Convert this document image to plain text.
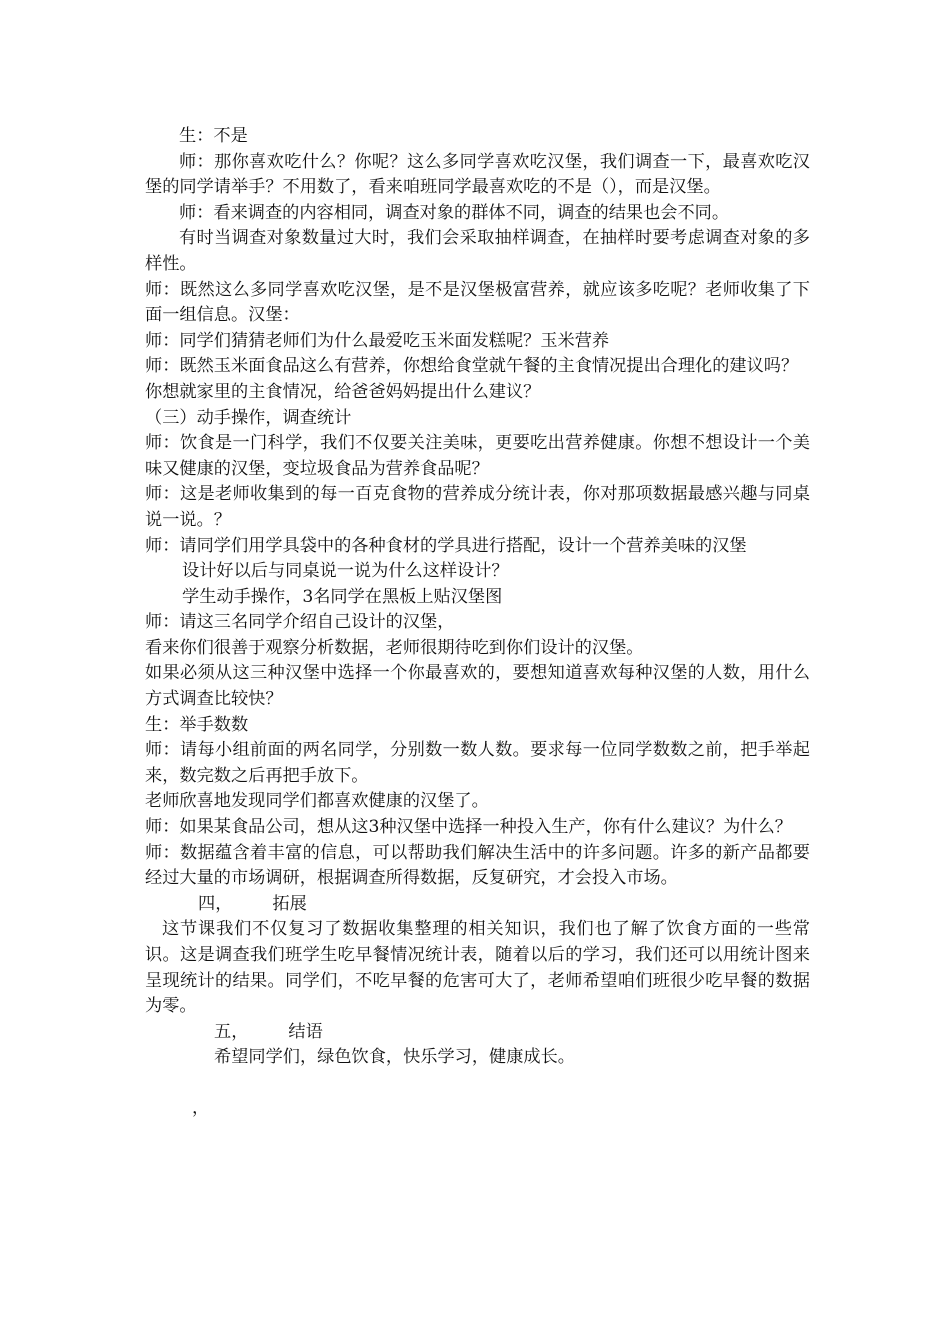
生：不是

师：那你喜欢吃什么？你呢？这么多同学喜欢吃汉堡，我们调查一下，最喜欢吃汉堡的同学请举手？不用数了，看来咱班同学最喜欢吃的不是（），而是汉堡。

师：看来调查的内容相同，调查对象的群体不同，调查的结果也会不同。

有时当调查对象数量过大时，我们会采取抽样调查，在抽样时要考虑调查对象的多样性。

师：既然这么多同学喜欢吃汉堡，是不是汉堡极富营养，就应该多吃呢？老师收集了下面一组信息。汉堡：

师：同学们猜猜老师们为什么最爱吃玉米面发糕呢？玉米营养

师：既然玉米面食品这么有营养，你想给食堂就午餐的主食情况提出合理化的建议吗？

你想就家里的主食情况，给爸爸妈妈提出什么建议？

（三）动手操作，调查统计

师：饮食是一门科学，我们不仅要关注美味，更要吃出营养健康。你想不想设计一个美味又健康的汉堡，变垃圾食品为营养食品呢？

师：这是老师收集到的每一百克食物的营养成分统计表，你对那项数据最感兴趣与同桌说一说。？

师：请同学们用学具袋中的各种食材的学具进行搭配，设计一个营养美味的汉堡

设计好以后与同桌说一说为什么这样设计？

学生动手操作，3名同学在黑板上贴汉堡图

师：请这三名同学介绍自己设计的汉堡，

看来你们很善于观察分析数据，老师很期待吃到你们设计的汉堡。

如果必须从这三种汉堡中选择一个你最喜欢的，要想知道喜欢每种汉堡的人数，用什么方式调查比较快？

生：举手数数

师：请每小组前面的两名同学，分别数一数人数。要求每一位同学数数之前，把手举起来，数完数之后再把手放下。

老师欣喜地发现同学们都喜欢健康的汉堡了。

师：如果某食品公司，想从这3种汉堡中选择一种投入生产，你有什么建议？为什么？

师：数据蕴含着丰富的信息，可以帮助我们解决生活中的许多问题。许多的新产品都要经过大量的市场调研，根据调查所得数据，反复研究，才会投入市场。

四， 拓展

这节课我们不仅复习了数据收集整理的相关知识，我们也了解了饮食方面的一些常识。这是调查我们班学生吃早餐情况统计表，随着以后的学习，我们还可以用统计图来呈现统计的结果。同学们，不吃早餐的危害可大了，老师希望咱们班很少吃早餐的数据为零。

五， 结语

希望同学们，绿色饮食，快乐学习，健康成长。

，
